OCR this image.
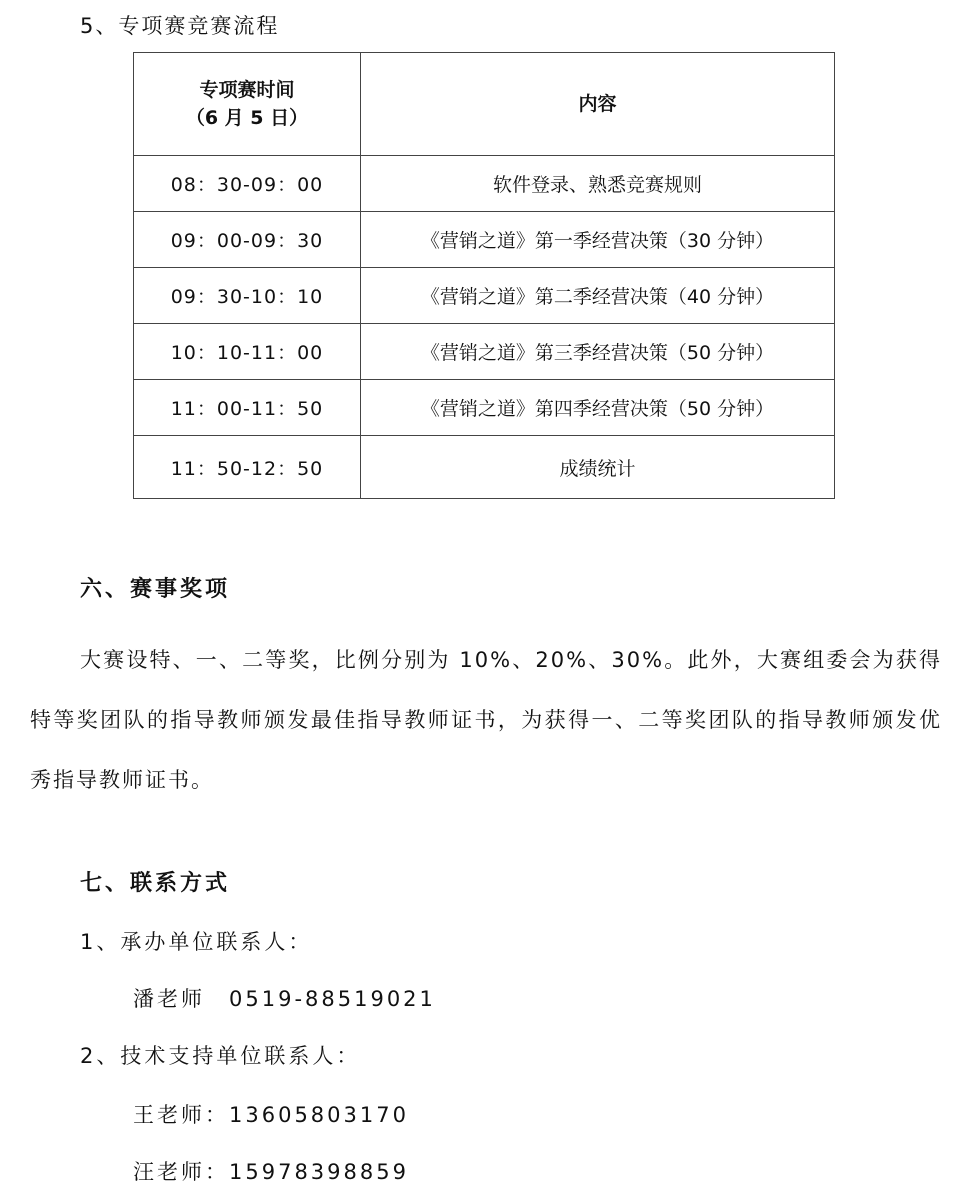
5、专项赛竞赛流程
专项赛时间
（6 月 5 日）	内容
08：30-09：00	软件登录、熟悉竞赛规则
09：00-09：30	《营销之道》第一季经营决策（30 分钟）
09：30-10：10	《营销之道》第二季经营决策（40 分钟）
10：10-11：00	《营销之道》第三季经营决策（50 分钟）
11：00-11：50	《营销之道》第四季经营决策（50 分钟）
11：50-12：50	成绩统计
六、赛事奖项
大赛设特、一、二等奖，比例分别为 10%、20%、30%。此外，大赛组委会为获得特等奖团队的指导教师颁发最佳指导教师证书，为获得一、二等奖团队的指导教师颁发优秀指导教师证书。
七、联系方式
1、承办单位联系人：
潘老师　0519-88519021
2、技术支持单位联系人：
王老师：13605803170
汪老师：15978398859
